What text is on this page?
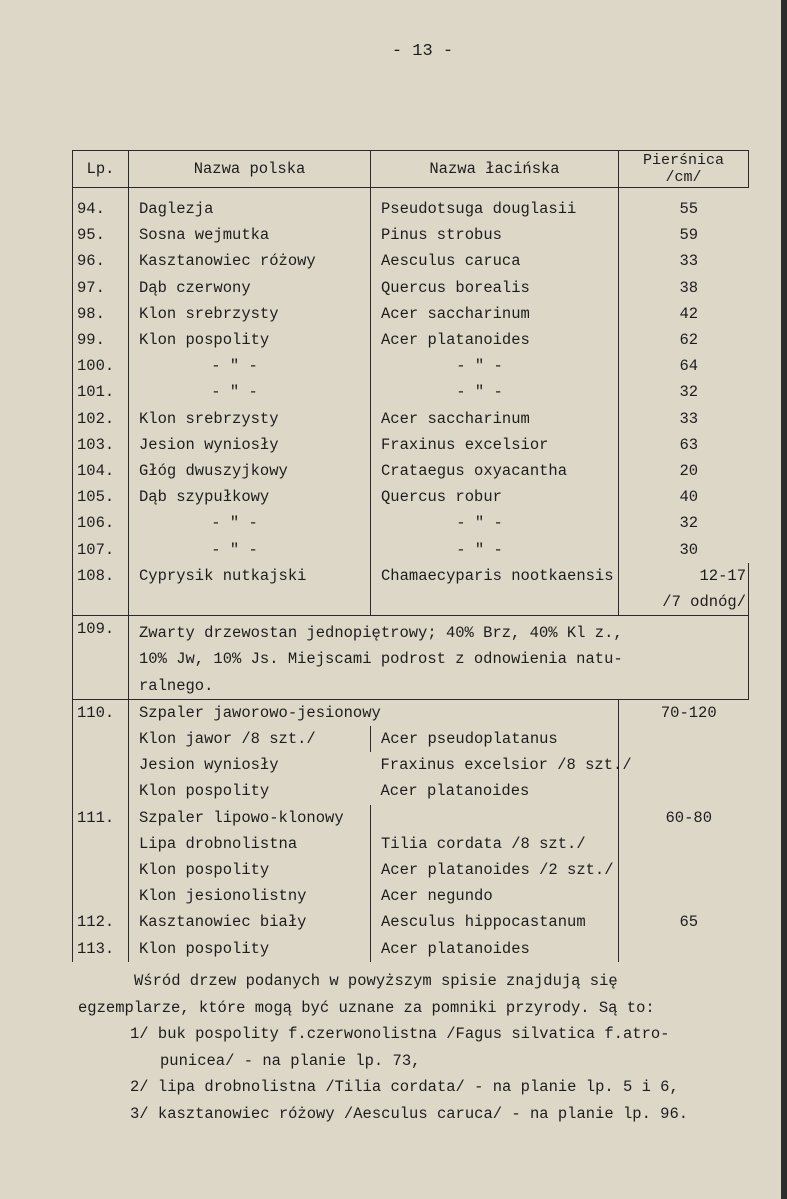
- 13 -
Lp.	Nazwa polska	Nazwa łacińska	Pierśnica
/cm/

94.	Daglezja	Pseudotsuga douglasii	55
95.	Sosna wejmutka	Pinus strobus	59
96.	Kasztanowiec różowy	Aesculus caruca	33
97.	Dąb czerwony	Quercus borealis	38
98.	Klon srebrzysty	Acer saccharinum	42
99.	Klon pospolity	Acer platanoides	62
100.	- " -	- " -	64
101.	- " -	- " -	32
102.	Klon srebrzysty	Acer saccharinum	33
103.	Jesion wyniosły	Fraxinus excelsior	63
104.	Głóg dwuszyjkowy	Crataegus oxyacantha	20
105.	Dąb szypułkowy	Quercus robur	40
106.	- " -	- " -	32
107.	- " -	- " -	30
108.	Cyprysik nutkajski	Chamaecyparis nootkaensis	12-17
/7 odnóg/

109.	Zwarty drzewostan jednopiętrowy; 40% Brz, 40% Kl z.,
10% Jw, 10% Js. Miejscami podrost z odnowienia natu-
ralnego.		

110.	Szpaler jaworowo-jesionowy		70-120
	Klon jawor /8 szt./	Acer pseudoplatanus	
	Jesion wyniosły	Fraxinus excelsior /8 szt./	
	Klon pospolity	Acer platanoides	
111.	Szpaler lipowo-klonowy		60-80
	Lipa drobnolistna	Tilia cordata /8 szt./	
	Klon pospolity	Acer platanoides /2 szt./	
	Klon jesionolistny	Acer negundo	
112.	Kasztanowiec biały	Aesculus hippocastanum	65
113.	Klon pospolity	Acer platanoides	

Wśród drzew podanych w powyższym spisie znajdują się

egzemplarze, które mogą być uznane za pomniki przyrody. Są to:

1/ buk pospolity f.czerwonolistna /Fagus silvatica f.atro-

punicea/ - na planie lp. 73,

2/ lipa drobnolistna /Tilia cordata/ - na planie lp. 5 i 6,

3/ kasztanowiec różowy /Aesculus caruca/ - na planie lp. 96.
